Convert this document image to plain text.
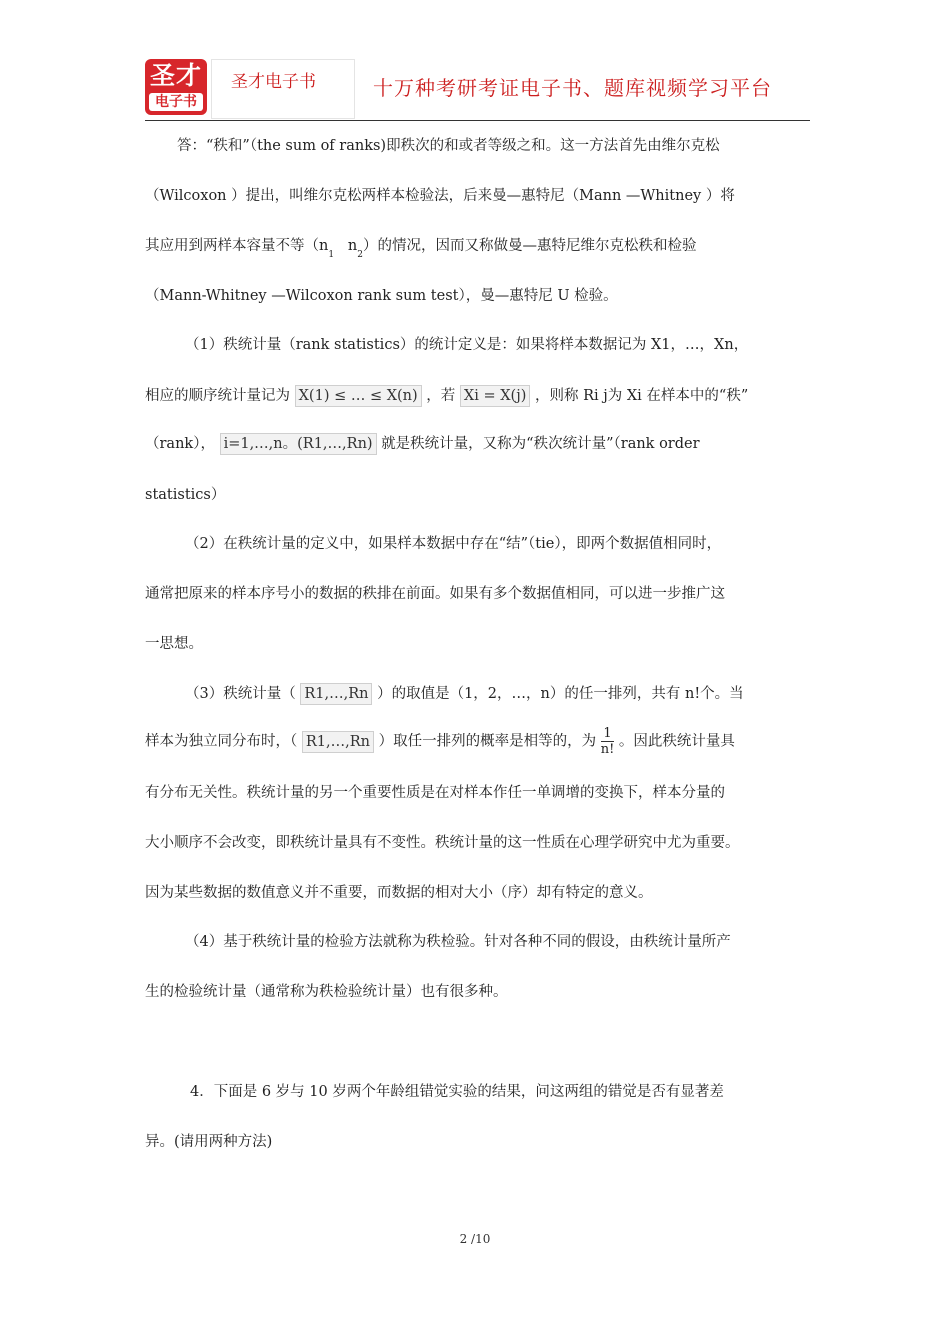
圣才
电子书
圣才电子书	十万种考研考证电子书、题库视频学习平台
答：“秩和”（the sum of ranks)即秩次的和或者等级之和。这一方法首先由维尔克松
（Wilcoxon ）提出，叫维尔克松两样本检验法，后来曼—惠特尼（Mann —Whitney ）将
其应用到两样本容量不等（$n_1$   $n_2$）的情况，因而又称做曼—惠特尼维尔克松秩和检验
（Mann-Whitney —Wilcoxon rank sum test），曼—惠特尼 U 检验。
（1）秩统计量（rank statistics）的统计定义是：如果将样本数据记为 X1，…，Xn，
相应的顺序统计量记为 X(1) ≤ … ≤ X(n) ，若 Xi = X(j) ，则称 Ri j为 Xi 在样本中的“秩”
（rank）， i=1,…,n。(R1,…,Rn) 就是秩统计量，又称为“秩次统计量”（rank order
statistics）
（2）在秩统计量的定义中，如果样本数据中存在“结”（tie），即两个数据值相同时，
通常把原来的样本序号小的数据的秩排在前面。如果有多个数据值相同，可以进一步推广这
一思想。
（3）秩统计量（ R1,…,Rn ）的取值是（1，2，…，n）的任一排列，共有 n!个。当
样本为独立同分布时，（ R1,…,Rn ）取任一排列的概率是相等的，为 $\frac{1}{n!}$ 。因此秩统计量具
有分布无关性。秩统计量的另一个重要性质是在对样本作任一单调增的变换下，样本分量的
大小顺序不会改变，即秩统计量具有不变性。秩统计量的这一性质在心理学研究中尤为重要。
因为某些数据的数值意义并不重要，而数据的相对大小（序）却有特定的意义。
（4）基于秩统计量的检验方法就称为秩检验。针对各种不同的假设，由秩统计量所产
生的检验统计量（通常称为秩检验统计量）也有很多种。
4．下面是 6 岁与 10 岁两个年龄组错觉实验的结果，问这两组的错觉是否有显著差
异。(请用两种方法)
2 /10
